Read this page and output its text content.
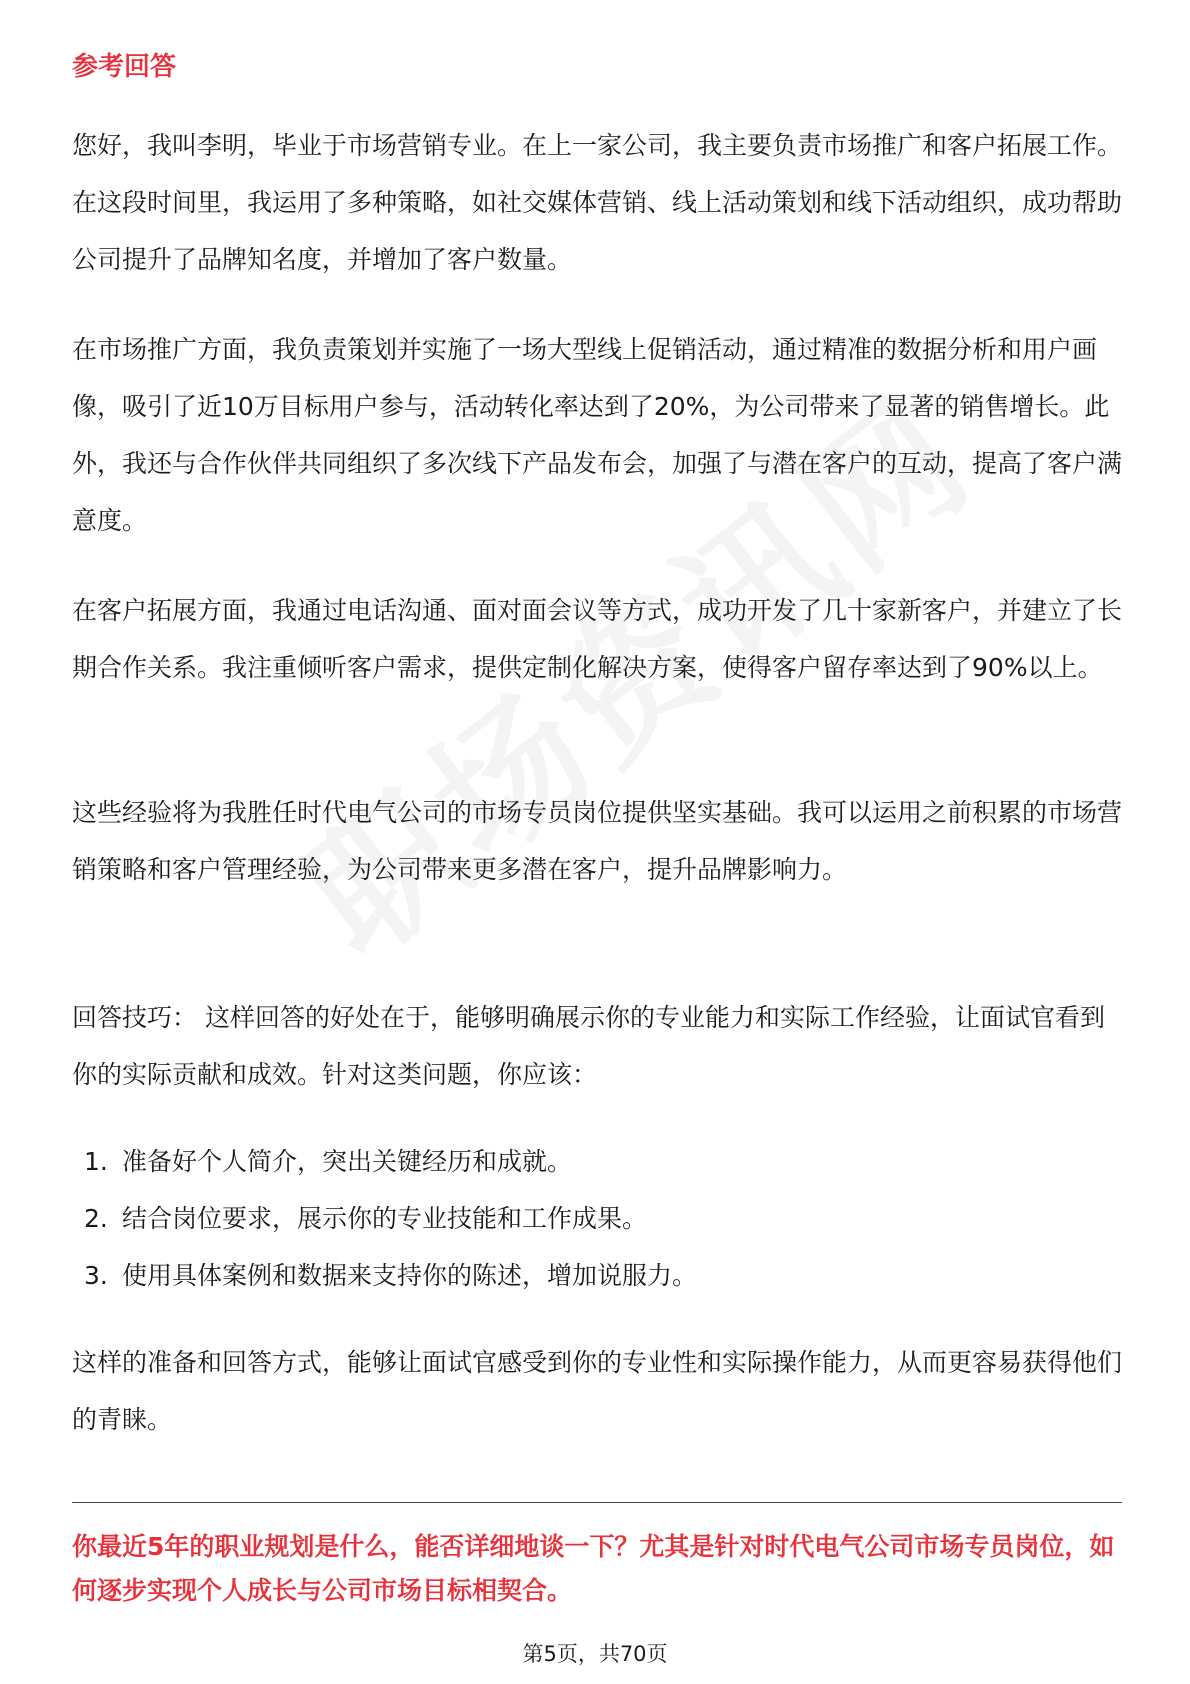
参考回答

您好，我叫李明，毕业于市场营销专业。在上一家公司，我主要负责市场推广和客户拓展工作。在这段时间里，我运用了多种策略，如社交媒体营销、线上活动策划和线下活动组织，成功帮助公司提升了品牌知名度，并增加了客户数量。

在市场推广方面，我负责策划并实施了一场大型线上促销活动，通过精准的数据分析和用户画像，吸引了近10万目标用户参与，活动转化率达到了20%，为公司带来了显著的销售增长。此外，我还与合作伙伴共同组织了多次线下产品发布会，加强了与潜在客户的互动，提高了客户满意度。

在客户拓展方面，我通过电话沟通、面对面会议等方式，成功开发了几十家新客户，并建立了长期合作关系。我注重倾听客户需求，提供定制化解决方案，使得客户留存率达到了90%以上。

这些经验将为我胜任时代电气公司的市场专员岗位提供坚实基础。我可以运用之前积累的市场营销策略和客户管理经验，为公司带来更多潜在客户，提升品牌影响力。

回答技巧： 这样回答的好处在于，能够明确展示你的专业能力和实际工作经验，让面试官看到你的实际贡献和成效。针对这类问题，你应该：

1. 准备好个人简介，突出关键经历和成就。
2. 结合岗位要求，展示你的专业技能和工作成果。
3. 使用具体案例和数据来支持你的陈述，增加说服力。

这样的准备和回答方式，能够让面试官感受到你的专业性和实际操作能力，从而更容易获得他们的青睐。

你最近5年的职业规划是什么，能否详细地谈一下？尤其是针对时代电气公司市场专员岗位，如何逐步实现个人成长与公司市场目标相契合。

第5页，共70页
